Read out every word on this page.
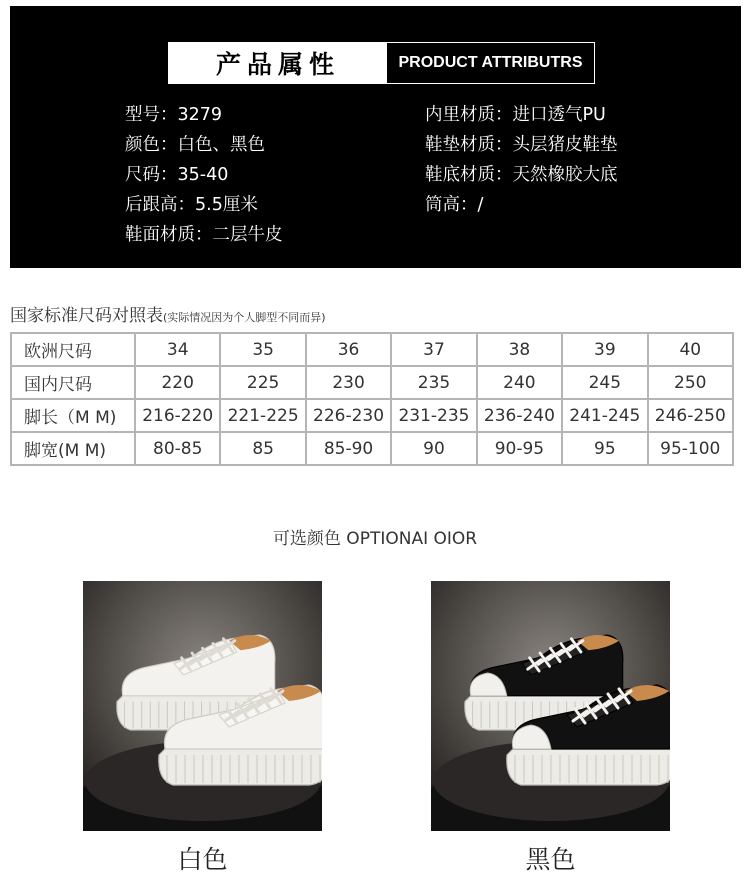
产品属性	PRODUCT ATTRIBUTRS
型号：3279
颜色：白色、黑色
尺码：35-40
后跟高：5.5厘米
鞋面材质：二层牛皮
内里材质：进口透气PU
鞋垫材质：头层猪皮鞋垫
鞋底材质：天然橡胶大底
筒高：/
国家标准尺码对照表(实际情况因为个人脚型不同而异)
欧洲尺码	34	35	36	37	38	39	40
国内尺码	220	225	230	235	240	245	250
脚长（M M)	216-220	221-225	226-230	231-235	236-240	241-245	246-250
脚宽(M M)	80-85	85	85-90	90	90-95	95	95-100
可选颜色 OPTIONAI OIOR
白色	黑色
